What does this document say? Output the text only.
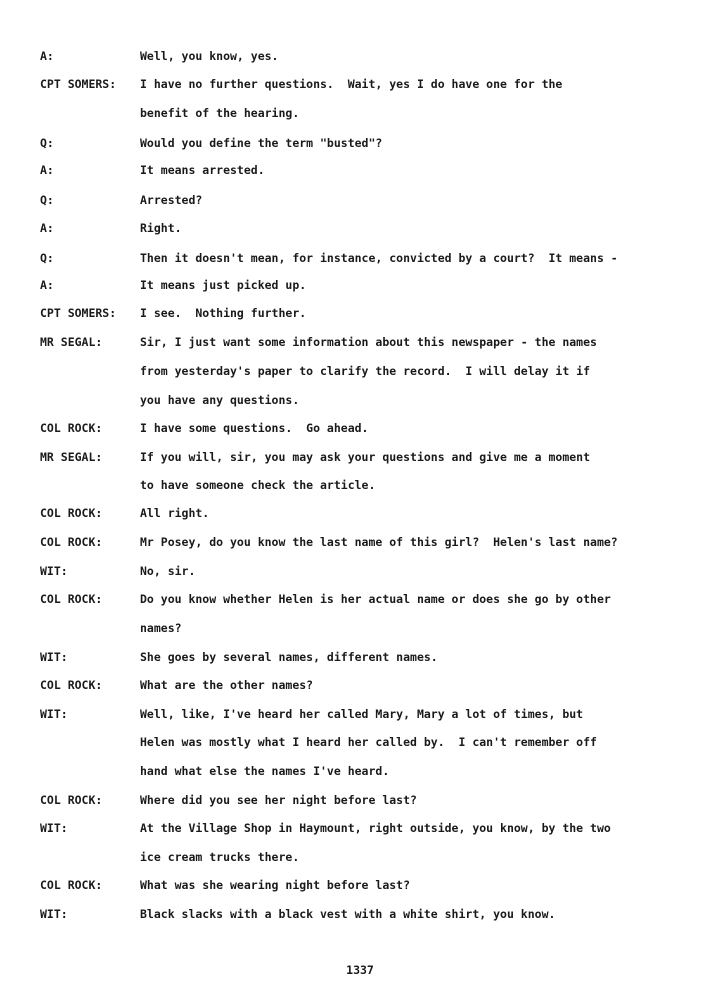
A:	Well, you know, yes.
CPT SOMERS: I have no further questions.  Wait, yes I do have one for the
benefit of the hearing.
Q:	Would you define the term "busted"?
A:	It means arrested.
Q:	Arrested?
A:	Right.
Q:	Then it doesn't mean, for instance, convicted by a court?  It means -
A:	It means just picked up.
CPT SOMERS: I see.  Nothing further.
MR SEGAL:	Sir, I just want some information about this newspaper - the names
from yesterday's paper to clarify the record.  I will delay it if
you have any questions.
COL ROCK:	I have some questions.  Go ahead.
MR SEGAL:	If you will, sir, you may ask your questions and give me a moment
to have someone check the article.
COL ROCK:	All right.
COL ROCK:	Mr Posey, do you know the last name of this girl?  Helen's last name?
WIT:	No, sir.
COL ROCK:	Do you know whether Helen is her actual name or does she go by other
names?
WIT:	She goes by several names, different names.
COL ROCK:	What are the other names?
WIT:	Well, like, I've heard her called Mary, Mary a lot of times, but
Helen was mostly what I heard her called by.  I can't remember off
hand what else the names I've heard.
COL ROCK:	Where did you see her night before last?
WIT:	At the Village Shop in Haymount, right outside, you know, by the two
ice cream trucks there.
COL ROCK:	What was she wearing night before last?
WIT:	Black slacks with a black vest with a white shirt, you know.
1337
